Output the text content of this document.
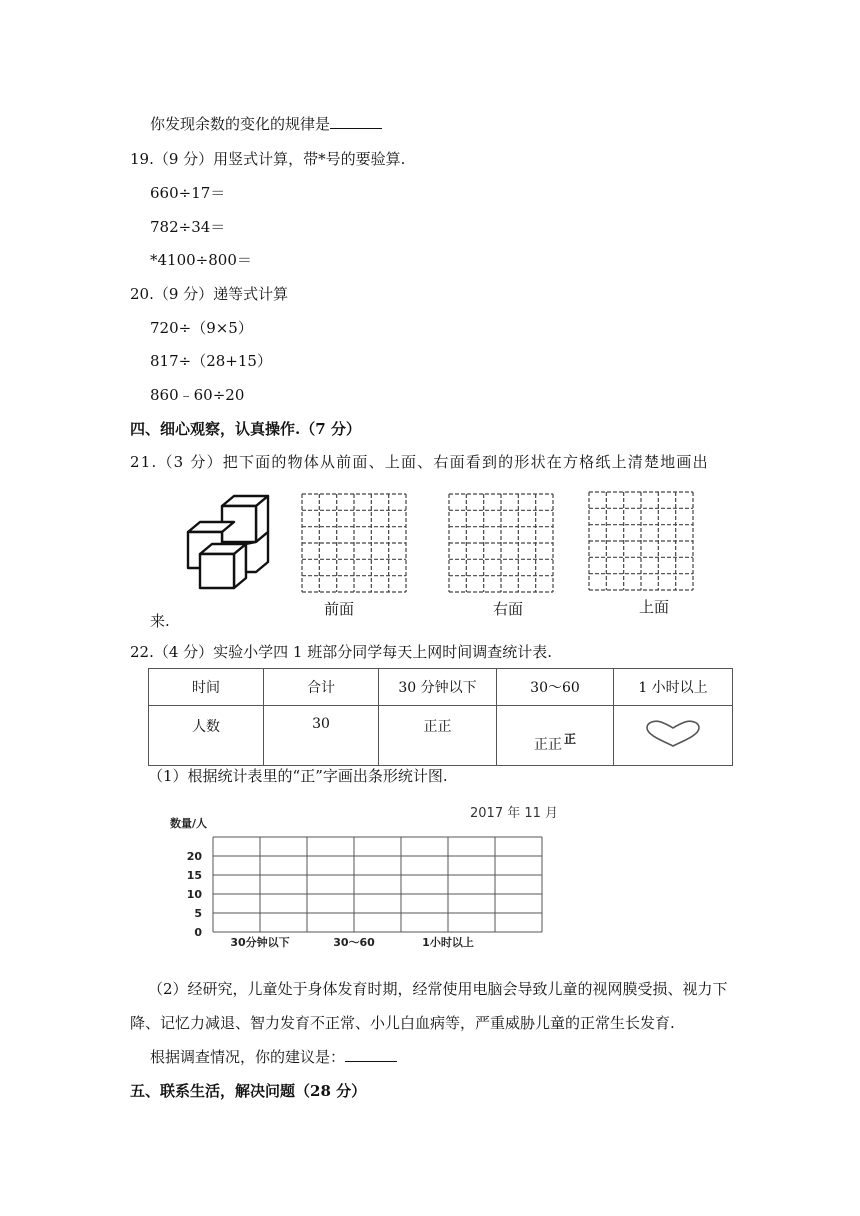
你发现余数的变化的规律是
19.（9 分）用竖式计算，带*号的要验算.
660÷17＝
782÷34＝
*4100÷800＝
20.（9 分）递等式计算
720÷（9×5）
817÷（28+15）
860﹣60÷20
四、细心观察，认真操作.（7 分）
21.（3 分）把下面的物体从前面、上面、右面看到的形状在方格纸上清楚地画出
前面	右面	上面
来.
22.（4 分）实验小学四 1 班部分同学每天上网时间调查统计表.
时间	合计	30 分钟以下	30～60	1 小时以上
人数	30	正正	正正 正	
（1）根据统计表里的“正”字画出条形统计图.
2017 年 11 月
数量/人
0
5
10
15
20
30分钟以下	30～60	1小时以上
（2）经研究，儿童处于身体发育时期，经常使用电脑会导致儿童的视网膜受损、视力下
降、记忆力减退、智力发育不正常、小儿白血病等，严重威胁儿童的正常生长发育.
根据调查情况，你的建议是：
五、联系生活，解决问题（28 分）
